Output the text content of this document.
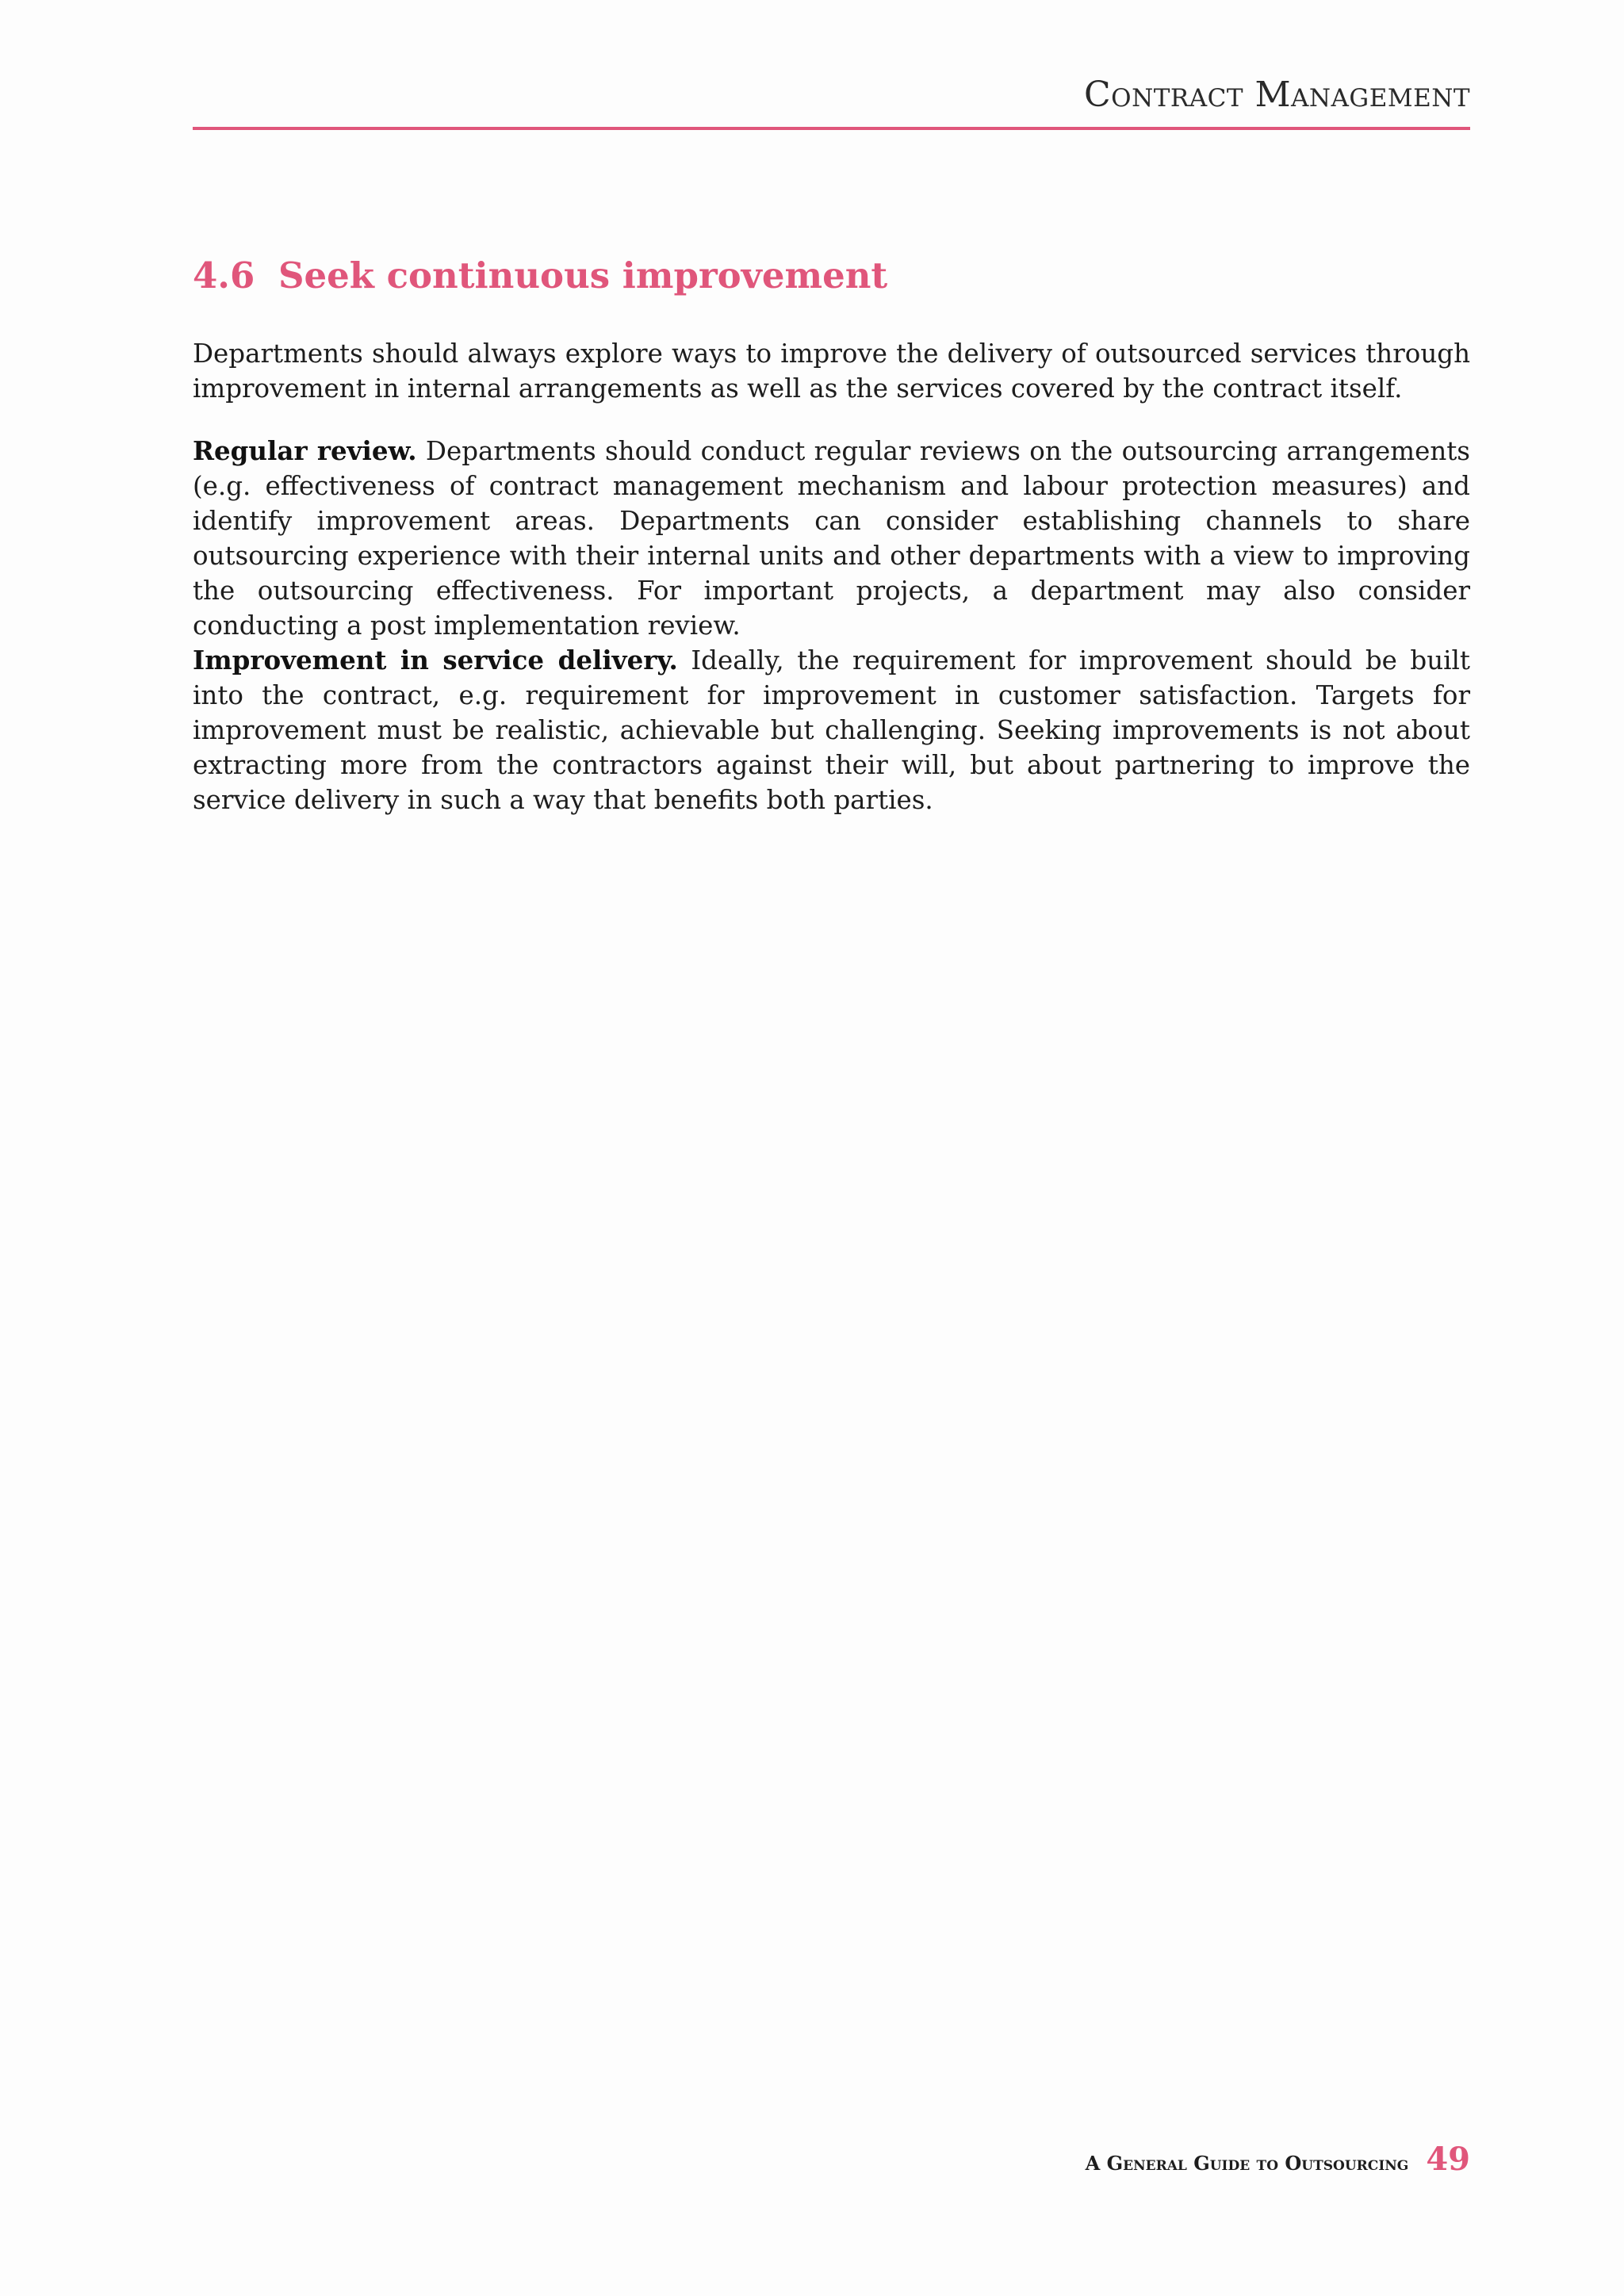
Contract Management
4.6 Seek continuous improvement

Departments should always explore ways to improve the delivery of outsourced services through improvement in internal arrangements as well as the services covered by the contract itself.

Regular review. Departments should conduct regular reviews on the outsourcing arrangements (e.g. effectiveness of contract management mechanism and labour protection measures) and identify improvement areas. Departments can consider establishing channels to share outsourcing experience with their internal units and other departments with a view to improving the outsourcing effectiveness. For important projects, a department may also consider conducting a post implementation review.

Improvement in service delivery. Ideally, the requirement for improvement should be built into the contract, e.g. requirement for improvement in customer satisfaction. Targets for improvement must be realistic, achievable but challenging. Seeking improvements is not about extracting more from the contractors against their will, but about partnering to improve the service delivery in such a way that benefits both parties.

A General Guide to Outsourcing 49
